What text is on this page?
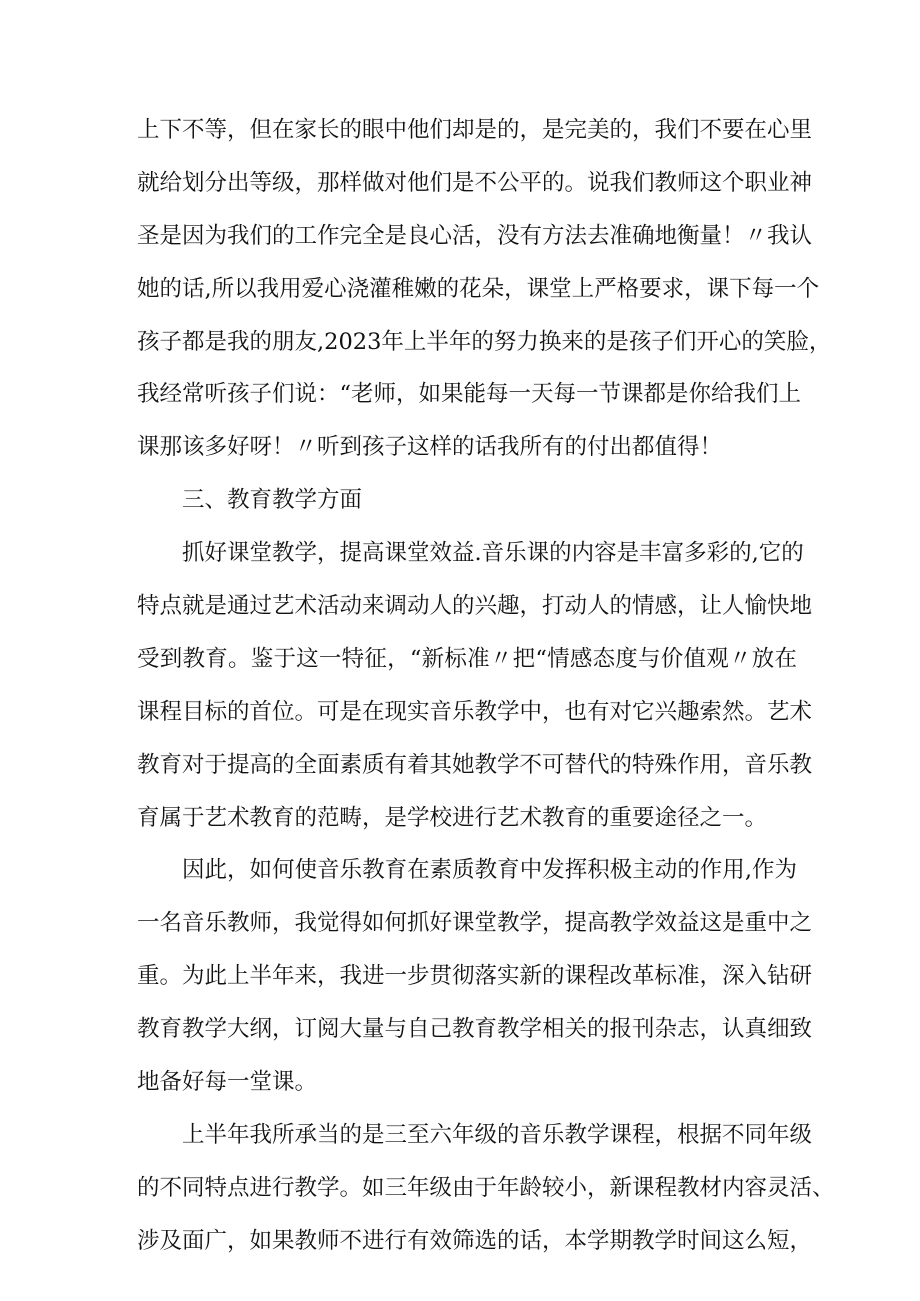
上下不等，但在家长的眼中他们却是的，是完美的，我们不要在心里
就给划分出等级，那样做对他们是不公平的。说我们教师这个职业神
圣是因为我们的工作完全是良心活，没有方法去准确地衡量！〃我认
她的话,所以我用爱心浇灌稚嫩的花朵，课堂上严格要求，课下每一个
孩子都是我的朋友,2023年上半年的努力换来的是孩子们开心的笑脸，
我经常听孩子们说：“老师，如果能每一天每一节课都是你给我们上
课那该多好呀！〃听到孩子这样的话我所有的付出都值得！
三、教育教学方面
抓好课堂教学，提高课堂效益.音乐课的内容是丰富多彩的,它的
特点就是通过艺术活动来调动人的兴趣，打动人的情感，让人愉快地
受到教育。鉴于这一特征，“新标准〃把“情感态度与价值观〃放在
课程目标的首位。可是在现实音乐教学中，也有对它兴趣索然。艺术
教育对于提高的全面素质有着其她教学不可替代的特殊作用，音乐教
育属于艺术教育的范畴，是学校进行艺术教育的重要途径之一。
因此，如何使音乐教育在素质教育中发挥积极主动的作用,作为
一名音乐教师，我觉得如何抓好课堂教学，提高教学效益这是重中之
重。为此上半年来，我进一步贯彻落实新的课程改革标准，深入钻研
教育教学大纲，订阅大量与自己教育教学相关的报刊杂志，认真细致
地备好每一堂课。
上半年我所承当的是三至六年级的音乐教学课程，根据不同年级
的不同特点进行教学。如三年级由于年龄较小，新课程教材内容灵活、
涉及面广，如果教师不进行有效筛选的话，本学期教学时间这么短，
